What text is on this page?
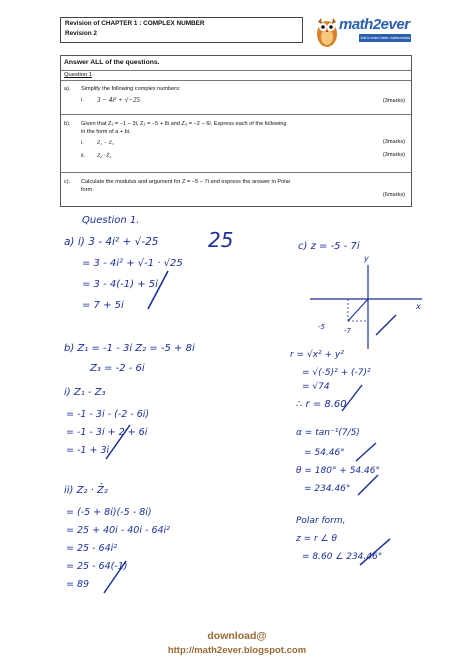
Revision of CHAPTER 1 : COMPLEX NUMBER
Revision 2
math2ever
Just to learn basic mathematics
Answer ALL of the questions.
Question 1
a). Simplify the following complex numbers:
i. 3 − 4i² + √−25	(3marks)
b). Given that Z₁ = −1 − 3i, Z₂ = −5 + 8i and Z₃ = −2 − 6i. Express each of the following
in the form of a + bi.
i. Z₁ − Z₃	(3marks)
ii. Z₂ · Z̄₂	(3marks)
c). Calculate the modulus and argument for Z = −5 − 7i and express the answer in Polar
form.
(6marks)
Question 1.
a) i) 3 - 4i² + √-25
= 3 - 4i² + √-1 · √25
= 3 - 4(-1) + 5i
= 7 + 5i
25	c) z = -5 - 7i
y
x
-5	-7
b) Z₁ = -1 - 3i Z₂ = -5 + 8i
Z₃ = -2 - 6i
r = √x² + y²
= √(-5)² + (-7)²
= √74
∴ r = 8.60
i) Z₁ - Z₃
= -1 - 3i - (-2 - 6i)
= -1 - 3i + 2 + 6i
= -1 + 3i
α = tan⁻¹(7/5)
= 54.46°
θ = 180° + 54.46°
= 234.46°
ii) Z₂ · Z̄₂
= (-5 + 8i)(-5 - 8i)
= 25 + 40i - 40i - 64i²
= 25 - 64i²
= 25 - 64(-1)
= 89
Polar form,
z = r ∠ θ
= 8.60 ∠ 234.46°
download@
http://math2ever.blogspot.com
